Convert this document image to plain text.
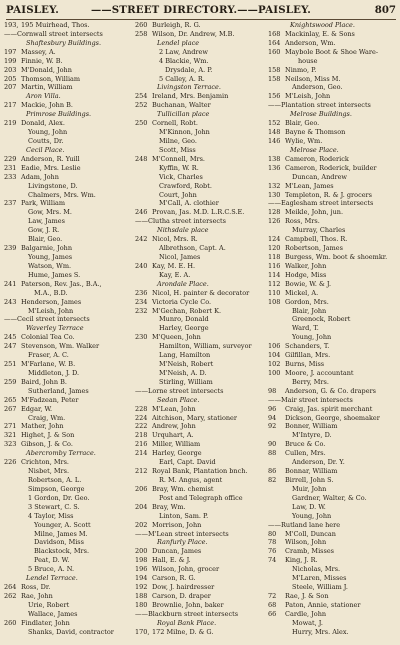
PAISLEY.	——STREET DIRECTORY.——PAISLEY.	807
193, 195 Muirhead, Thos.
——Cornwall street intersects
Shaftesbury Buildings.
197 Massey, A.
199 Finnie, W. B.
203 M'Donald, John
205 Thomson, William
207 Martin, William
Aron Villa.
217 Mackie, John B.
Primrose Buildings.
219 Donald, Alex.
Young, John
Coutts, Dr.
Cecil Place.
229 Anderson, R. Yuill
231 Eadie, Mrs. Leslie
233 Adam, John
Livingstone, D.
Chalmers, Mrs. Wm.
237 Park, William
Gow, Mrs. M.
Law, James
Gow, J. R.
Blair, Geo.
239 Balgarnie, John
Young, James
Watson, Wm.
Hume, James S.
241 Paterson, Rev. Jas., B.A.,
M.A., B.D.
243 Henderson, James
M'Leish, John
——Cecil street intersects
Waverley Terrace
245 Colonial Tea Co.
247 Stevenson, Wm. Walker
Fraser, A. C.
251 M'Farlane, W. B.
Middleton, J. D.
259 Baird, John B.
Sutherland, James
265 M'Fadzean, Peter
267 Edgar, W.
Craig, Wm.
271 Mather, John
321 Highet, J. & Son
323 Gibson, J. & Co.
Abercromby Terrace.
226 Crichton, Mrs.
Nisbet, Mrs.
Robertson, A. L.
Simpson, George
1 Gordon, Dr. Geo.
3 Stewart, C. S.
4 Taylor, Miss
Younger, A. Scott
Milne, James M.
Davidson, Miss
Blackstock, Mrs.
Peat, D. W.
5 Bruce, A. N.
Lendel Terrace.
264 Ross, Dr.
262 Rae, John
Urie, Robert
Wallace, James
260 Findlater, John
Shanks, David, contractor
260 Burleigh, R. G.
258 Wilson, Dr. Andrew, M.B.
Lendel place
2 Law, Andrew
4 Blackie, Wm.
Drysdale, A. P.
5 Calley, A. R.
Livingston Terrace.
254 Ireland, Mrs. Benjamin
252 Buchanan, Walter
Tullicillan place
250 Cornell, Robt.
M'Kinnon, John
Milne, Geo.
Scott, Miss
248 M'Connell, Mrs.
Kyffin, W. R.
Vick, Charles
Crawford, Robt.
Court, John
M'Call, A. clothier
246 Provan, Jas. M.D. L.R.C.S.E.
——Clutha street intersects
Nithsdale place
242 Nicol, Mrs. R.
Albrethson, Capt. A.
Nicol, James
240 Kay, M. E. H.
Kay, E. A.
Arondale Place.
236 Nicol, H. painter & decorator
234 Victoria Cycle Co.
232 M'Gechan, Robert K.
Munro, Donald
Harley, George
230 M'Queen, John
Hamilton, William, surveyor
Lang, Hamilton
M'Neish, Robert
M'Neish, A. D.
Stirling, William
——Lorne street intersects
Sedan Place.
228 M'Lean, John
224 Aitchison, Mary, stationer
222 Andrew, John
218 Urquhart, A.
216 Miller, William
214 Harley, George
Earl, Capt. David
212 Royal Bank, Plantation bnch.
R. M. Angus, agent
206 Bray, Wm. chemist
Post and Telegraph office
204 Bray, Wm.
Linton, Sam. P.
202 Morrison, John
——M'Lean street intersects
Ranfurly Place.
200 Duncan, James
198 Hall, E. & J.
196 Wilson, John, grocer
194 Carson, R. G.
192 Dow, J. hairdresser
188 Carson, D. draper
180 Brownlie, John, baker
——Blackburn street intersects
Royal Bank Place.
170, 172 Milne, D. & G.
Knightswood Place.
168 Mackinlay, E. & Sons
164 Anderson, Wm.
160 Maybole Boot & Shoe Ware-
house
158 Ninmo, P.
158 Neilson, Miss M.
Anderson, Geo.
156 M'Leish, John
——Plantation street intersects
Melrose Buildings.
152 Blair, Geo.
148 Bayne & Thomson
146 Wylie, Wm.
Melrose Place.
138 Cameron, Roderick
136 Cameron, Roderick, builder
Duncan, Andrew
132 M'Lean, James
130 Templeton, R. & J. grocers
——Eaglesham street intersects
128 Meikle, John, jun.
126 Ross, Mrs.
Murray, Charles
124 Campbell, Thos. R.
120 Robertson, James
118 Burgess, Wm. boot & shoemkr.
116 Walker, John
114 Hodge, Miss
112 Bowie, W. & J.
110 Mickel, A.
108 Gordon, Mrs.
Blair, John
Greenock, Robert
Ward, T.
Young, John
106 Schanders, T.
104 Gilfillan, Mrs.
102 Burns, Miss
100 Moore, J. accountant
Berry, Mrs.
98 Anderson, G. & Co. drapers
——Mair street intersects
96 Craig, Jas. spirit merchant
94 Dickson, George, shoemaker
92 Bonner, William
M'Intyre, D.
90 Bruce & Co.
88 Cullen, Mrs.
Anderson, Dr. Y.
86 Bonnar, William
82 Birrell, John S.
Muir, John
Gardner, Walter, & Co.
Law, D. W.
Young, John
——Rutland lane here
80 M'Coll, Duncan
78 Wilson, John
76 Cramb, Misses
74 King, J. R.
Nicholas, Mrs.
M'Laren, Misses
Steele, William J.
72 Rae, J. & Son
68 Paton, Annie, stationer
66 Cardle, John
Mowat, J.
Hurry, Mrs. Alex.
